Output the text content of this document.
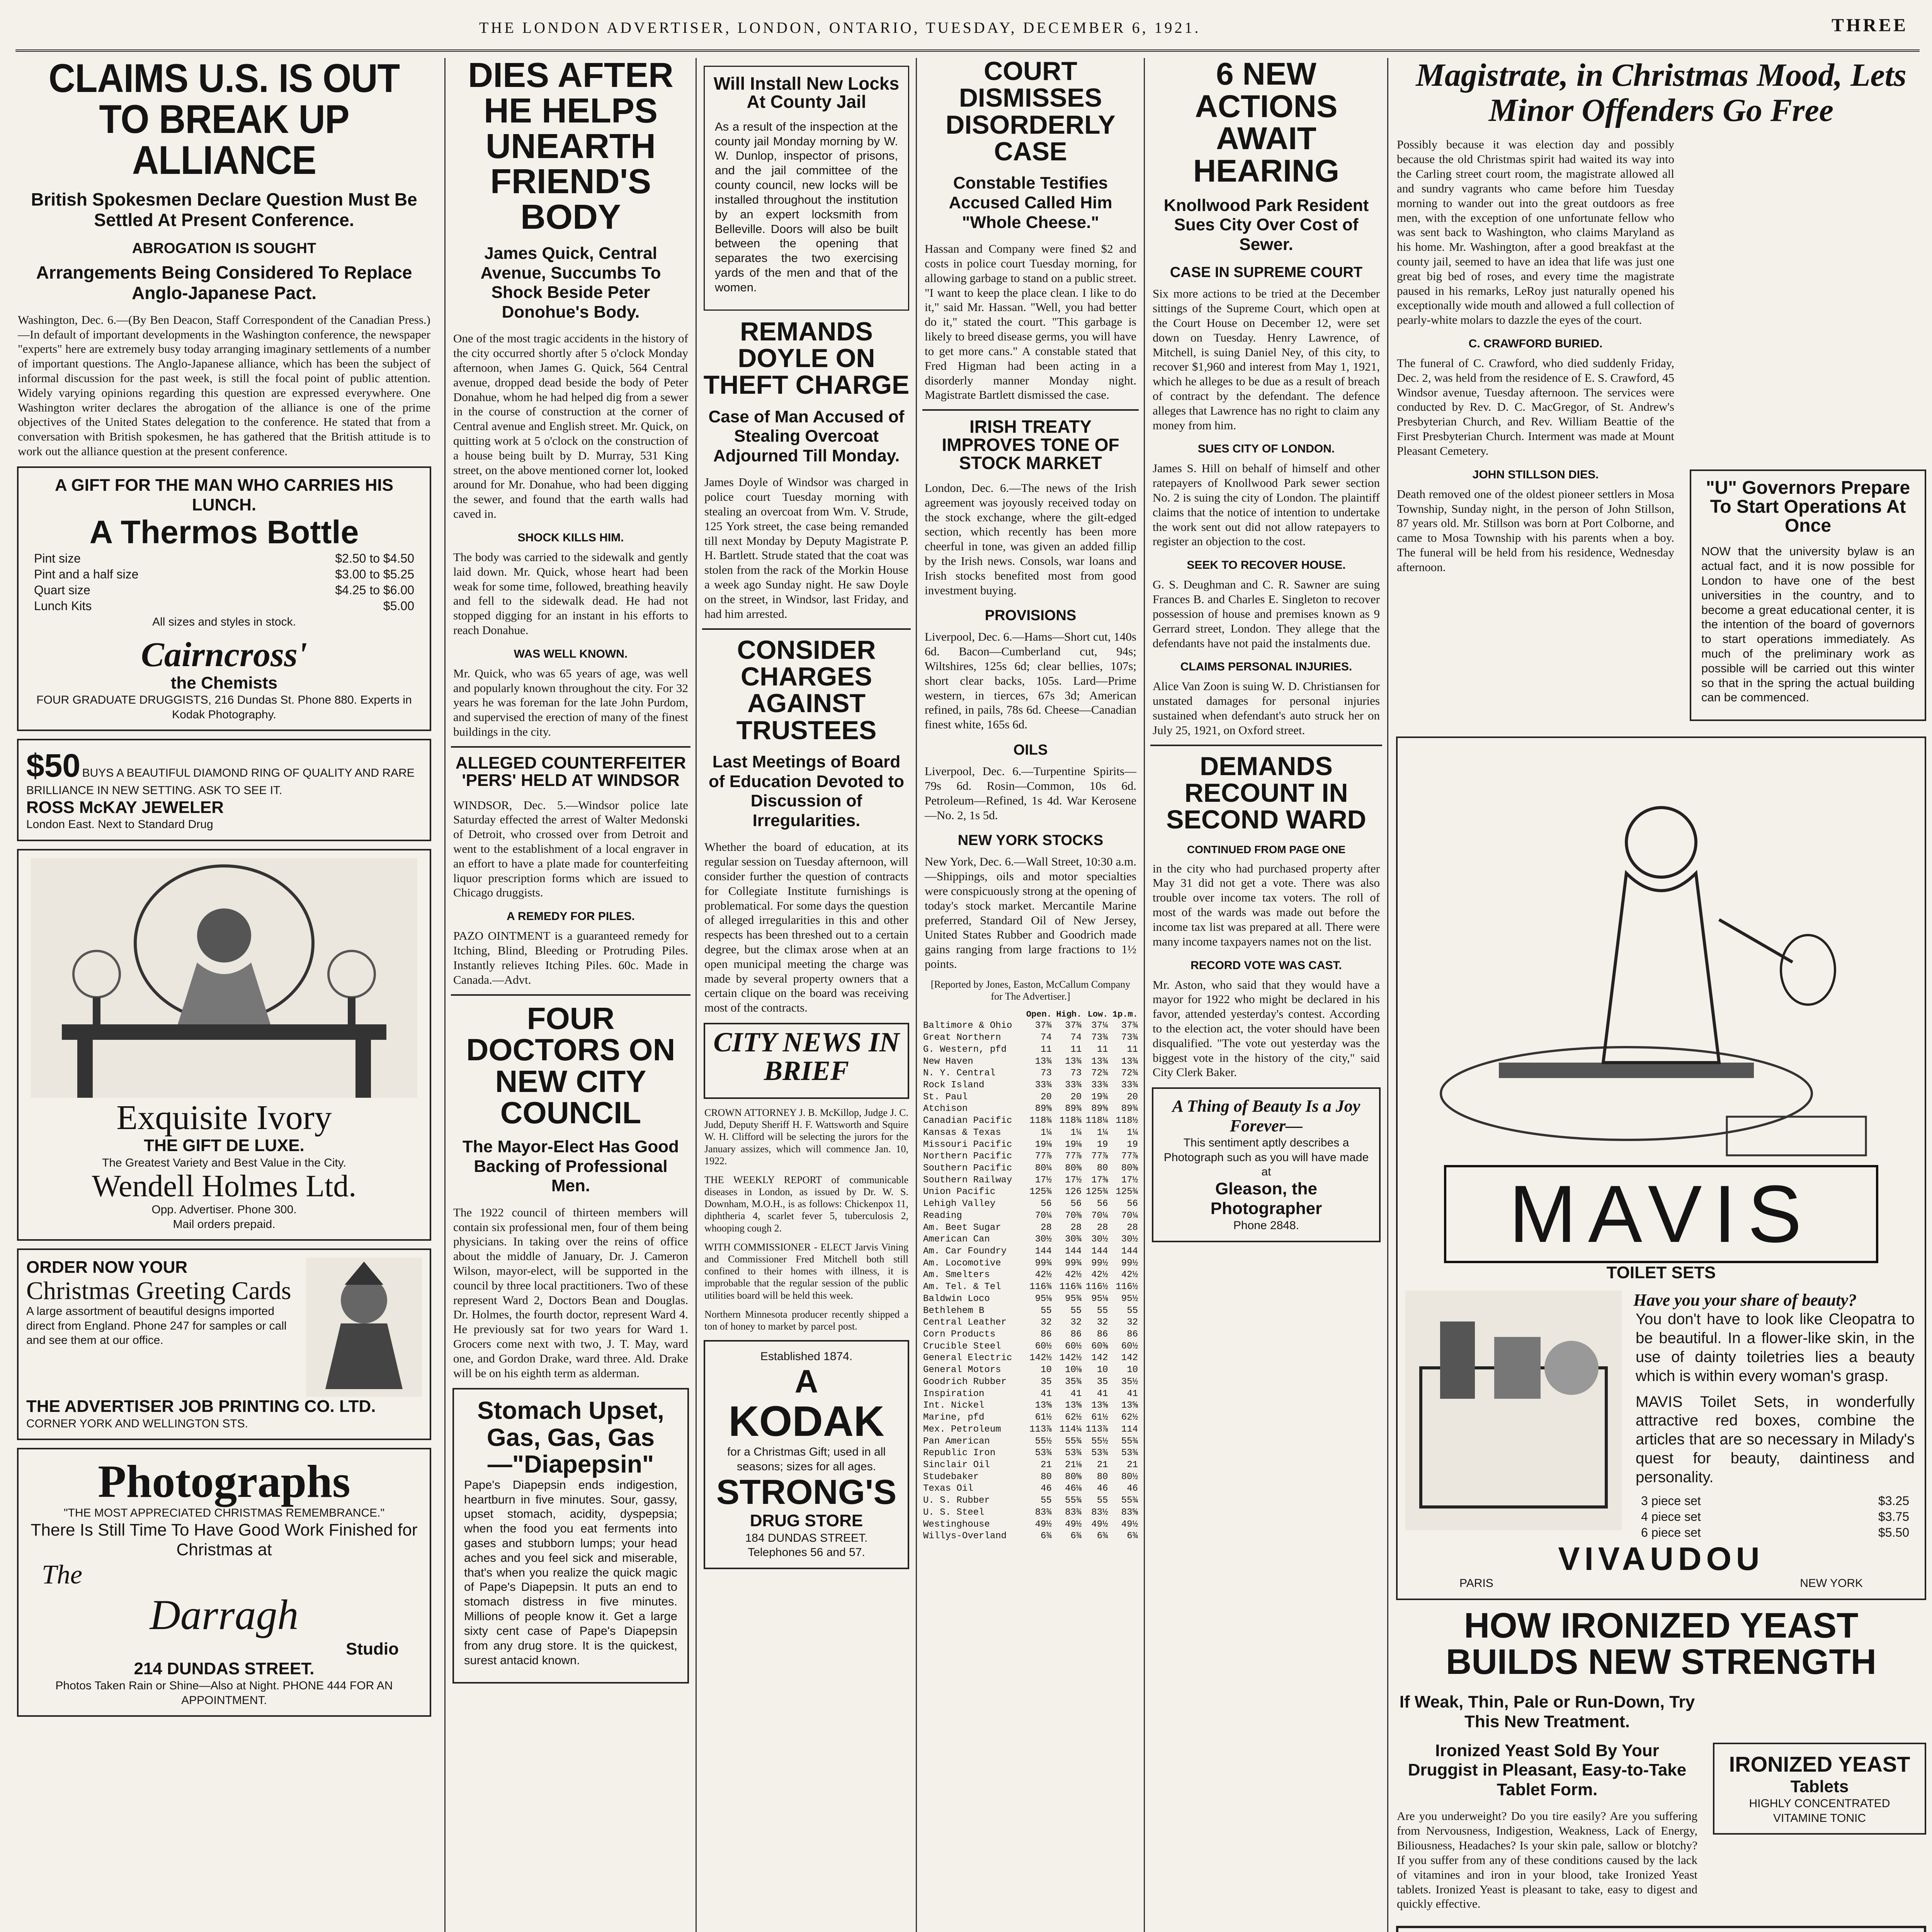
THE LONDON ADVERTISER, LONDON, ONTARIO, TUESDAY, DECEMBER 6, 1921.	THREE
CLAIMS U.S. IS OUT TO BREAK UP ALLIANCE
British Spokesmen Declare Question Must Be Settled At Present Conference.
ABROGATION IS SOUGHT
Arrangements Being Considered To Replace Anglo-Japanese Pact.

Washington, Dec. 6.—(By Ben Deacon, Staff Correspondent of the Canadian Press.)—In default of important developments in the Washington conference, the newspaper "experts" here are extremely busy today arranging imaginary settlements of a number of important questions. The Anglo-Japanese alliance, which has been the subject of informal discussion for the past week, is still the focal point of public attention. Widely varying opinions regarding this question are expressed everywhere. One Washington writer declares the abrogation of the alliance is one of the prime objectives of the United States delegation to the conference. He stated that from a conversation with British spokesmen, he has gathered that the British attitude is to work out the alliance question at the present conference.

A GIFT FOR THE MAN WHO CARRIES HIS LUNCH.
A Thermos Bottle
Pint size	$2.50 to $4.50
Pint and a half size	$3.00 to $5.25
Quart size	$4.25 to $6.00
Lunch Kits	$5.00
All sizes and styles in stock.
Cairncross'
the Chemists
FOUR GRADUATE DRUGGISTS, 216 Dundas St. Phone 880. Experts in Kodak Photography.
$50 BUYS A BEAUTIFUL DIAMOND RING OF QUALITY AND RARE BRILLIANCE IN NEW SETTING. ASK TO SEE IT.
ROSS McKAY JEWELER
London East. Next to Standard Drug
Exquisite Ivory
THE GIFT DE LUXE.
The Greatest Variety and Best Value in the City.
Wendell Holmes Ltd.
Opp. Advertiser. Phone 300.
Mail orders prepaid.
ORDER NOW YOUR
Christmas Greeting Cards
A large assortment of beautiful designs imported direct from England. Phone 247 for samples or call and see them at our office.
THE ADVERTISER JOB PRINTING CO. LTD.
CORNER YORK AND WELLINGTON STS.
Photographs
"THE MOST APPRECIATED CHRISTMAS REMEMBRANCE."
There Is Still Time To Have Good Work Finished for Christmas at
The
Darragh
Studio
214 DUNDAS STREET.
Photos Taken Rain or Shine—Also at Night. PHONE 444 FOR AN APPOINTMENT.
DIES AFTER HE HELPS UNEARTH FRIEND'S BODY
James Quick, Central Avenue, Succumbs To Shock Beside Peter Donohue's Body.

One of the most tragic accidents in the history of the city occurred shortly after 5 o'clock Monday afternoon, when James G. Quick, 564 Central avenue, dropped dead beside the body of Peter Donahue, whom he had helped dig from a sewer in the course of construction at the corner of Central avenue and English street. Mr. Quick, on quitting work at 5 o'clock on the construction of a house being built by D. Murray, 531 King street, on the above mentioned corner lot, looked around for Mr. Donahue, who had been digging the sewer, and found that the earth walls had caved in.

SHOCK KILLS HIM.

The body was carried to the sidewalk and gently laid down. Mr. Quick, whose heart had been weak for some time, followed, breathing heavily and fell to the sidewalk dead. He had not stopped digging for an instant in his efforts to reach Donahue.

WAS WELL KNOWN.

Mr. Quick, who was 65 years of age, was well and popularly known throughout the city. For 32 years he was foreman for the late John Purdom, and supervised the erection of many of the finest buildings in the city.

ALLEGED COUNTERFEITER 'PERS' HELD AT WINDSOR

WINDSOR, Dec. 5.—Windsor police late Saturday effected the arrest of Walter Medonski of Detroit, who crossed over from Detroit and went to the establishment of a local engraver in an effort to have a plate made for counterfeiting liquor prescription forms which are issued to Chicago druggists.

A REMEDY FOR PILES.

PAZO OINTMENT is a guaranteed remedy for Itching, Blind, Bleeding or Protruding Piles. Instantly relieves Itching Piles. 60c. Made in Canada.—Advt.

FOUR DOCTORS ON NEW CITY COUNCIL
The Mayor-Elect Has Good Backing of Professional Men.

The 1922 council of thirteen members will contain six professional men, four of them being physicians. In taking over the reins of office about the middle of January, Dr. J. Cameron Wilson, mayor-elect, will be supported in the council by three local practitioners. Two of these represent Ward 2, Doctors Bean and Douglas. Dr. Holmes, the fourth doctor, represent Ward 4. He previously sat for two years for Ward 1. Grocers come next with two, J. T. May, ward one, and Gordon Drake, ward three. Ald. Drake will be on his eighth term as alderman.

Stomach Upset, Gas, Gas, Gas —"Diapepsin"

Pape's Diapepsin ends indigestion, heartburn in five minutes. Sour, gassy, upset stomach, acidity, dyspepsia; when the food you eat ferments into gases and stubborn lumps; your head aches and you feel sick and miserable, that's when you realize the quick magic of Pape's Diapepsin. It puts an end to stomach distress in five minutes. Millions of people know it. Get a large sixty cent case of Pape's Diapepsin from any drug store. It is the quickest, surest antacid known.

Will Install New Locks At County Jail

As a result of the inspection at the county jail Monday morning by W. W. Dunlop, inspector of prisons, and the jail committee of the county council, new locks will be installed throughout the institution by an expert locksmith from Belleville. Doors will also be built between the opening that separates the two exercising yards of the men and that of the women.

REMANDS DOYLE ON THEFT CHARGE
Case of Man Accused of Stealing Overcoat Adjourned Till Monday.

James Doyle of Windsor was charged in police court Tuesday morning with stealing an overcoat from Wm. V. Strude, 125 York street, the case being remanded till next Monday by Deputy Magistrate P. H. Bartlett. Strude stated that the coat was stolen from the rack of the Morkin House a week ago Sunday night. He saw Doyle on the street, in Windsor, last Friday, and had him arrested.

CONSIDER CHARGES AGAINST TRUSTEES
Last Meetings of Board of Education Devoted to Discussion of Irregularities.

Whether the board of education, at its regular session on Tuesday afternoon, will consider further the question of contracts for Collegiate Institute furnishings is problematical. For some days the question of alleged irregularities in this and other respects has been threshed out to a certain degree, but the climax arose when at an open municipal meeting the charge was made by several property owners that a certain clique on the board was receiving most of the contracts.

CITY NEWS IN BRIEF

CROWN ATTORNEY J. B. McKillop, Judge J. C. Judd, Deputy Sheriff H. F. Wattsworth and Squire W. H. Clifford will be selecting the jurors for the January assizes, which will commence Jan. 10, 1922.

THE WEEKLY REPORT of communicable diseases in London, as issued by Dr. W. S. Downham, M.O.H., is as follows: Chickenpox 11, diphtheria 4, scarlet fever 5, tuberculosis 2, whooping cough 2.

WITH COMMISSIONER - ELECT Jarvis Vining and Commissioner Fred Mitchell both still confined to their homes with illness, it is improbable that the regular session of the public utilities board will be held this week.

Northern Minnesota producer recently shipped a ton of honey to market by parcel post.

Established 1874.
A
KODAK
for a Christmas Gift; used in all seasons; sizes for all ages.
STRONG'S
DRUG STORE
184 DUNDAS STREET.
Telephones 56 and 57.
COURT DISMISSES DISORDERLY CASE
Constable Testifies Accused Called Him "Whole Cheese."

Hassan and Company were fined $2 and costs in police court Tuesday morning, for allowing garbage to stand on a public street. "I want to keep the place clean. I like to do it," said Mr. Hassan. "Well, you had better do it," stated the court. "This garbage is likely to breed disease germs, you will have to get more cans." A constable stated that Fred Higman had been acting in a disorderly manner Monday night. Magistrate Bartlett dismissed the case.

IRISH TREATY IMPROVES TONE OF STOCK MARKET

London, Dec. 6.—The news of the Irish agreement was joyously received today on the stock exchange, where the gilt-edged section, which recently has been more cheerful in tone, was given an added fillip by the Irish news. Consols, war loans and Irish stocks benefited most from good investment buying.

PROVISIONS

Liverpool, Dec. 6.—Hams—Short cut, 140s 6d. Bacon—Cumberland cut, 94s; Wiltshires, 125s 6d; clear bellies, 107s; short clear backs, 105s. Lard—Prime western, in tierces, 67s 3d; American refined, in pails, 78s 6d. Cheese—Canadian finest white, 165s 6d.

OILS

Liverpool, Dec. 6.—Turpentine Spirits—79s 6d. Rosin—Common, 10s 6d. Petroleum—Refined, 1s 4d. War Kerosene—No. 2, 1s 5d.

NEW YORK STOCKS

New York, Dec. 6.—Wall Street, 10:30 a.m.—Shippings, oils and motor specialties were conspicuously strong at the opening of today's stock market. Mercantile Marine preferred, Standard Oil of New Jersey, United States Rubber and Goodrich made gains ranging from large fractions to 1½ points.

[Reported by Jones, Easton, McCallum Company for The Advertiser.]

	Open.	High.	Low.	1p.m.
Baltimore & Ohio	37¾	37¾	37¼	37¾
Great Northern	74	74	73¾	73¾
G. Western, pfd	11	11	11	11
New Haven	13¾	13¾	13¾	13¾
N. Y. Central	73	73	72¾	72¾
Rock Island	33¾	33¾	33¾	33¾
St. Paul	20	20	19¾	20
Atchison	89⅝	89¾	89⅝	89¾
Canadian Pacific	118¾	118¾	118¼	118½
Kansas & Texas	1¼	1¼	1¼	1¼
Missouri Pacific	19⅛	19⅛	19	19
Northern Pacific	77⅞	77⅞	77⅞	77⅞
Southern Pacific	80¼	80⅜	80	80⅜
Southern Railway	17½	17½	17⅜	17½
Union Pacific	125¾	126	125¾	125¾
Lehigh Valley	56	56	56	56
Reading	70¼	70⅜	70¼	70¼
Am. Beet Sugar	28	28	28	28
American Can	30½	30¾	30½	30½
Am. Car Foundry	144	144	144	144
Am. Locomotive	99¾	99¾	99½	99½
Am. Smelters	42½	42½	42½	42½
Am. Tel. & Tel	116¾	116¾	116½	116½
Baldwin Loco	95⅛	95¾	95⅛	95½
Bethlehem B	55	55	55	55
Central Leather	32	32	32	32
Corn Products	86	86	86	86
Crucible Steel	60½	60½	60⅜	60½
General Electric	142½	142½	142	142
General Motors	10	10⅛	10	10
Goodrich Rubber	35	35¾	35	35½
Inspiration	41	41	41	41
Int. Nickel	13⅝	13⅝	13⅝	13⅝
Marine, pfd	61½	62½	61½	62½
Mex. Petroleum	113⅞	114¼	113⅞	114
Pan American	55½	55¾	55½	55¾
Republic Iron	53¾	53¾	53¾	53¾
Sinclair Oil	21	21⅛	21	21
Studebaker	80	80⅝	80	80½
Texas Oil	46	46⅛	46	46
U. S. Rubber	55	55¾	55	55¾
U. S. Steel	83¾	83¾	83½	83⅝
Westinghouse	49½	49½	49½	49½
Willys-Overland	6¾	6¾	6¾	6¾
6 NEW ACTIONS AWAIT HEARING
Knollwood Park Resident Sues City Over Cost of Sewer.
CASE IN SUPREME COURT

Six more actions to be tried at the December sittings of the Supreme Court, which open at the Court House on December 12, were set down on Tuesday. Henry Lawrence, of Mitchell, is suing Daniel Ney, of this city, to recover $1,960 and interest from May 1, 1921, which he alleges to be due as a result of breach of contract by the defendant. The defence alleges that Lawrence has no right to claim any money from him.

SUES CITY OF LONDON.

James S. Hill on behalf of himself and other ratepayers of Knollwood Park sewer section No. 2 is suing the city of London. The plaintiff claims that the notice of intention to undertake the work sent out did not allow ratepayers to register an objection to the cost.

SEEK TO RECOVER HOUSE.

G. S. Deughman and C. R. Sawner are suing Frances B. and Charles E. Singleton to recover possession of house and premises known as 9 Gerrard street, London. They allege that the defendants have not paid the instalments due.

CLAIMS PERSONAL INJURIES.

Alice Van Zoon is suing W. D. Christiansen for unstated damages for personal injuries sustained when defendant's auto struck her on July 25, 1921, on Oxford street.

DEMANDS RECOUNT IN SECOND WARD
CONTINUED FROM PAGE ONE

in the city who had purchased property after May 31 did not get a vote. There was also trouble over income tax voters. The roll of most of the wards was made out before the income tax list was prepared at all. There were many income taxpayers names not on the list.

RECORD VOTE WAS CAST.

Mr. Aston, who said that they would have a mayor for 1922 who might be declared in his favor, attended yesterday's contest. According to the election act, the voter should have been disqualified. "The vote out yesterday was the biggest vote in the history of the city," said City Clerk Baker.

A Thing of Beauty Is a Joy Forever—
This sentiment aptly describes a Photograph such as you will have made at
Gleason, the Photographer
Phone 2848.
Magistrate, in Christmas Mood, Lets Minor Offenders Go Free

Possibly because it was election day and possibly because the old Christmas spirit had waited its way into the Carling street court room, the magistrate allowed all and sundry vagrants who came before him Tuesday morning to wander out into the great outdoors as free men, with the exception of one unfortunate fellow who was sent back to Washington, who claims Maryland as his home. Mr. Washington, after a good breakfast at the county jail, seemed to have an idea that life was just one great big bed of roses, and every time the magistrate paused in his remarks, LeRoy just naturally opened his exceptionally wide mouth and allowed a full collection of pearly-white molars to dazzle the eyes of the court.

C. CRAWFORD BURIED.

The funeral of C. Crawford, who died suddenly Friday, Dec. 2, was held from the residence of E. S. Crawford, 45 Windsor avenue, Tuesday afternoon. The services were conducted by Rev. D. C. MacGregor, of St. Andrew's Presbyterian Church, and Rev. William Beattie of the First Presbyterian Church. Interment was made at Mount Pleasant Cemetery.

JOHN STILLSON DIES.

Death removed one of the oldest pioneer settlers in Mosa Township, Sunday night, in the person of John Stillson, 87 years old. Mr. Stillson was born at Port Colborne, and came to Mosa Township with his parents when a boy. The funeral will be held from his residence, Wednesday afternoon.

"U" Governors Prepare To Start Operations At Once

NOW that the university bylaw is an actual fact, and it is now possible for London to have one of the best universities in the country, and to become a great educational center, it is the intention of the board of governors to start operations immediately. As much of the preliminary work as possible will be carried out this winter so that in the spring the actual building can be commenced.

MAVIS
TOILET SETS
Have you your share of beauty?

You don't have to look like Cleopatra to be beautiful. In a flower-like skin, in the use of dainty toiletries lies a beauty which is within every woman's grasp.

MAVIS Toilet Sets, in wonderfully attractive red boxes, combine the articles that are so necessary in Milady's quest for beauty, daintiness and personality.

3 piece set	$3.25
4 piece set	$3.75
6 piece set	$5.50
VIVAUDOU
PARIS	NEW YORK
HOW IRONIZED YEAST BUILDS NEW STRENGTH
If Weak, Thin, Pale or Run-Down, Try This New Treatment.
Ironized Yeast Sold By Your Druggist in Pleasant, Easy-to-Take Tablet Form.

Are you underweight? Do you tire easily? Are you suffering from Nervousness, Indigestion, Weakness, Lack of Energy, Biliousness, Headaches? Is your skin pale, sallow or blotchy? If you suffer from any of these conditions caused by the lack of vitamines and iron in your blood, take Ironized Yeast tablets. Ironized Yeast is pleasant to take, easy to digest and quickly effective.

IRONIZED YEAST
Tablets
HIGHLY CONCENTRATED VITAMINE TONIC
